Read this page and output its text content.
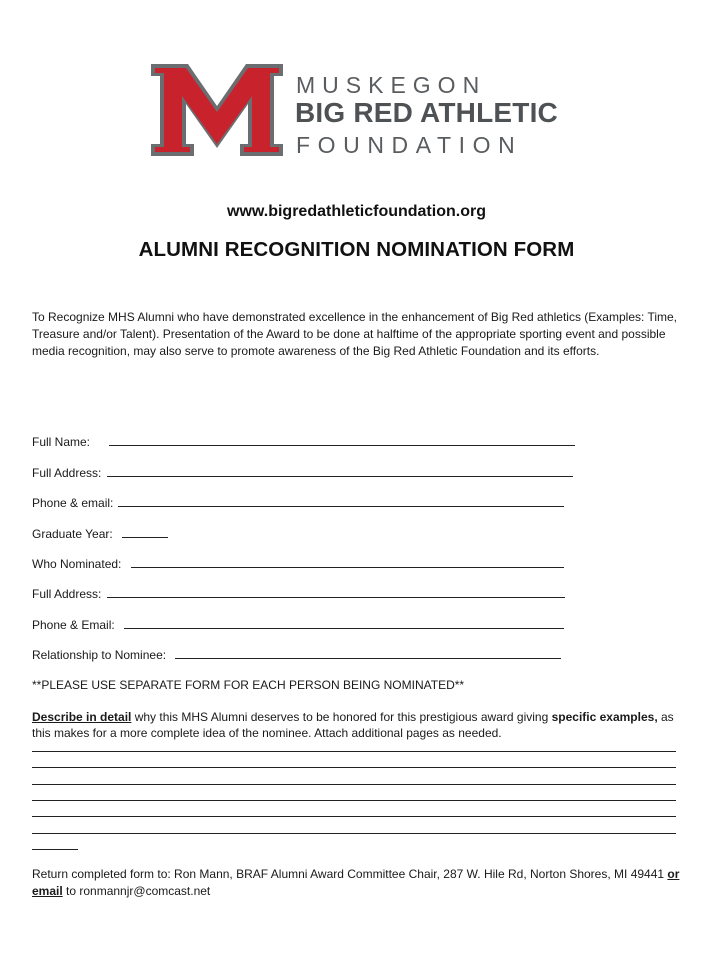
MUSKEGON
BIG RED ATHLETIC
FOUNDATION
www.bigredathleticfoundation.org
ALUMNI RECOGNITION NOMINATION FORM
To Recognize MHS Alumni who have demonstrated excellence in the enhancement of Big Red athletics (Examples: Time, Treasure and/or Talent). Presentation of the Award to be done at halftime of the appropriate sporting event and possible media recognition, may also serve to promote awareness of the Big Red Athletic Foundation and its efforts.
Full Name:
Full Address:
Phone & email:
Graduate Year:
Who Nominated:
Full Address:
Phone & Email:
Relationship to Nominee:
**PLEASE USE SEPARATE FORM FOR EACH PERSON BEING NOMINATED**
Describe in detail why this MHS Alumni deserves to be honored for this prestigious award giving specific examples, as this makes for a more complete idea of the nominee. Attach additional pages as needed.
Return completed form to: Ron Mann, BRAF Alumni Award Committee Chair, 287 W. Hile Rd, Norton Shores, MI 49441 or
email to ronmannjr@comcast.net
